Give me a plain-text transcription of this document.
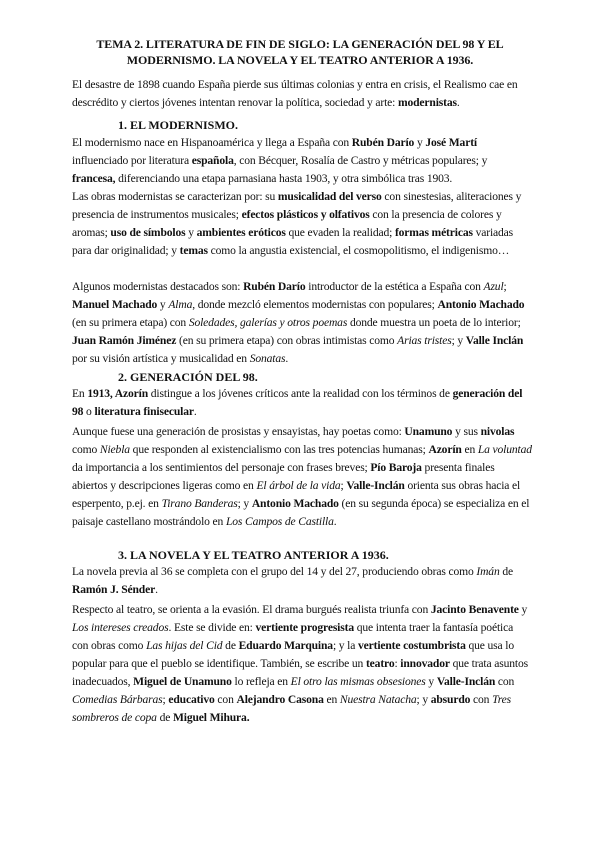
TEMA 2. LITERATURA DE FIN DE SIGLO: LA GENERACIÓN DEL 98 Y EL
MODERNISMO. LA NOVELA Y EL TEATRO ANTERIOR A 1936.

El desastre de 1898 cuando España pierde sus últimas colonias y entra en crisis, el Realismo cae en descrédito y ciertos jóvenes intentan renovar la política, sociedad y arte: modernistas.

1. EL MODERNISMO.

El modernismo nace en Hispanoamérica y llega a España con Rubén Darío y José Martí influenciado por literatura española, con Bécquer, Rosalía de Castro y métricas populares; y francesa, diferenciando una etapa parnasiana hasta 1903, y otra simbólica tras 1903.

Las obras modernistas se caracterizan por: su musicalidad del verso con sinestesias, aliteraciones y presencia de instrumentos musicales; efectos plásticos y olfativos con la presencia de colores y aromas; uso de símbolos y ambientes eróticos que evaden la realidad; formas métricas variadas para dar originalidad; y temas como la angustia existencial, el cosmopolitismo, el indigenismo…

Algunos modernistas destacados son: Rubén Darío introductor de la estética a España con Azul; Manuel Machado y Alma, donde mezcló elementos modernistas con populares; Antonio Machado (en su primera etapa) con Soledades, galerías y otros poemas donde muestra un poeta de lo interior; Juan Ramón Jiménez (en su primera etapa) con obras intimistas como Arias tristes; y Valle Inclán por su visión artística y musicalidad en Sonatas.

2. GENERACIÓN DEL 98.

En 1913, Azorín distingue a los jóvenes críticos ante la realidad con los términos de generación del 98 o literatura finisecular.

Aunque fuese una generación de prosistas y ensayistas, hay poetas como: Unamuno y sus nivolas como Niebla que responden al existencialismo con las tres potencias humanas; Azorín en La voluntad da importancia a los sentimientos del personaje con frases breves; Pío Baroja presenta finales abiertos y descripciones ligeras como en El árbol de la vida; Valle-Inclán orienta sus obras hacia el esperpento, p.ej. en Tirano Banderas; y Antonio Machado (en su segunda época) se especializa en el paisaje castellano mostrándolo en Los Campos de Castilla.

3. LA NOVELA Y EL TEATRO ANTERIOR A 1936.

La novela previa al 36 se completa con el grupo del 14 y del 27, produciendo obras como Imán de Ramón J. Sénder.

Respecto al teatro, se orienta a la evasión. El drama burgués realista triunfa con Jacinto Benavente y Los intereses creados. Este se divide en: vertiente progresista que intenta traer la fantasía poética con obras como Las hijas del Cid de Eduardo Marquina; y la vertiente costumbrista que usa lo popular para que el pueblo se identifique. También, se escribe un teatro: innovador que trata asuntos inadecuados, Miguel de Unamuno lo refleja en El otro las mismas obsesiones y Valle-Inclán con Comedias Bárbaras; educativo con Alejandro Casona en Nuestra Natacha; y absurdo con Tres sombreros de copa de Miguel Mihura.
